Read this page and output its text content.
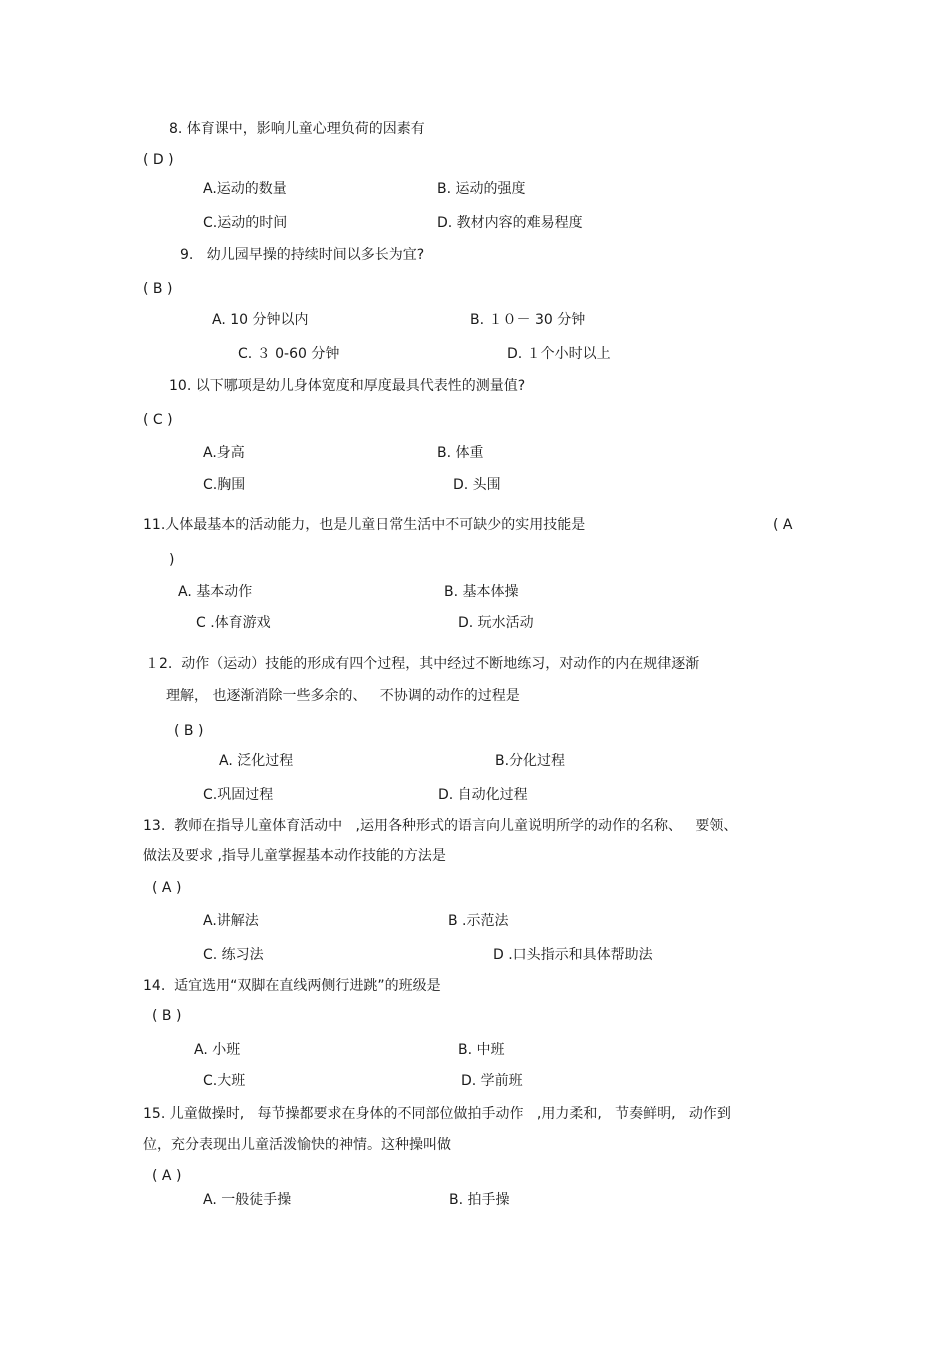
8. 体育课中，影响儿童心理负荷的因素有
( D )
A.运动的数量	B. 运动的强度
C.运动的时间	D. 教材内容的难易程度
9.   幼儿园早操的持续时间以多长为宜?
( B )
A. 10 分钟以内	B. １０－ 30 分钟
C. ３ 0-60 分钟	D. １个小时以上
10. 以下哪项是幼儿身体宽度和厚度最具代表性的测量值?
( C )
A.身高	B. 体重
C.胸围	D. 头围
11.人体最基本的活动能力，也是儿童日常生活中不可缺少的实用技能是	( A
)
A. 基本动作	B. 基本体操
C .体育游戏	D. 玩水活动
１2.  动作（运动）技能的形成有四个过程，其中经过不断地练习，对动作的内在规律逐渐
理解， 也逐渐消除一些多余的、   不协调的动作的过程是
( B )
A. 泛化过程	B.分化过程
C.巩固过程	D. 自动化过程
13.  教师在指导儿童体育活动中   ,运用各种形式的语言向儿童说明所学的动作的名称、   要领、
做法及要求 ,指导儿童掌握基本动作技能的方法是
( A )
A.讲解法	B .示范法
C. 练习法	D .口头指示和具体帮助法
14.  适宜选用“双脚在直线两侧行进跳”的班级是
( B )
A. 小班	B. 中班
C.大班	D. 学前班
15. 儿童做操时,   每节操都要求在身体的不同部位做拍手动作   ,用力柔和,   节奏鲜明,   动作到
位，充分表现出儿童活泼愉快的神情。这种操叫做
( A )
A. 一般徒手操	B. 拍手操
